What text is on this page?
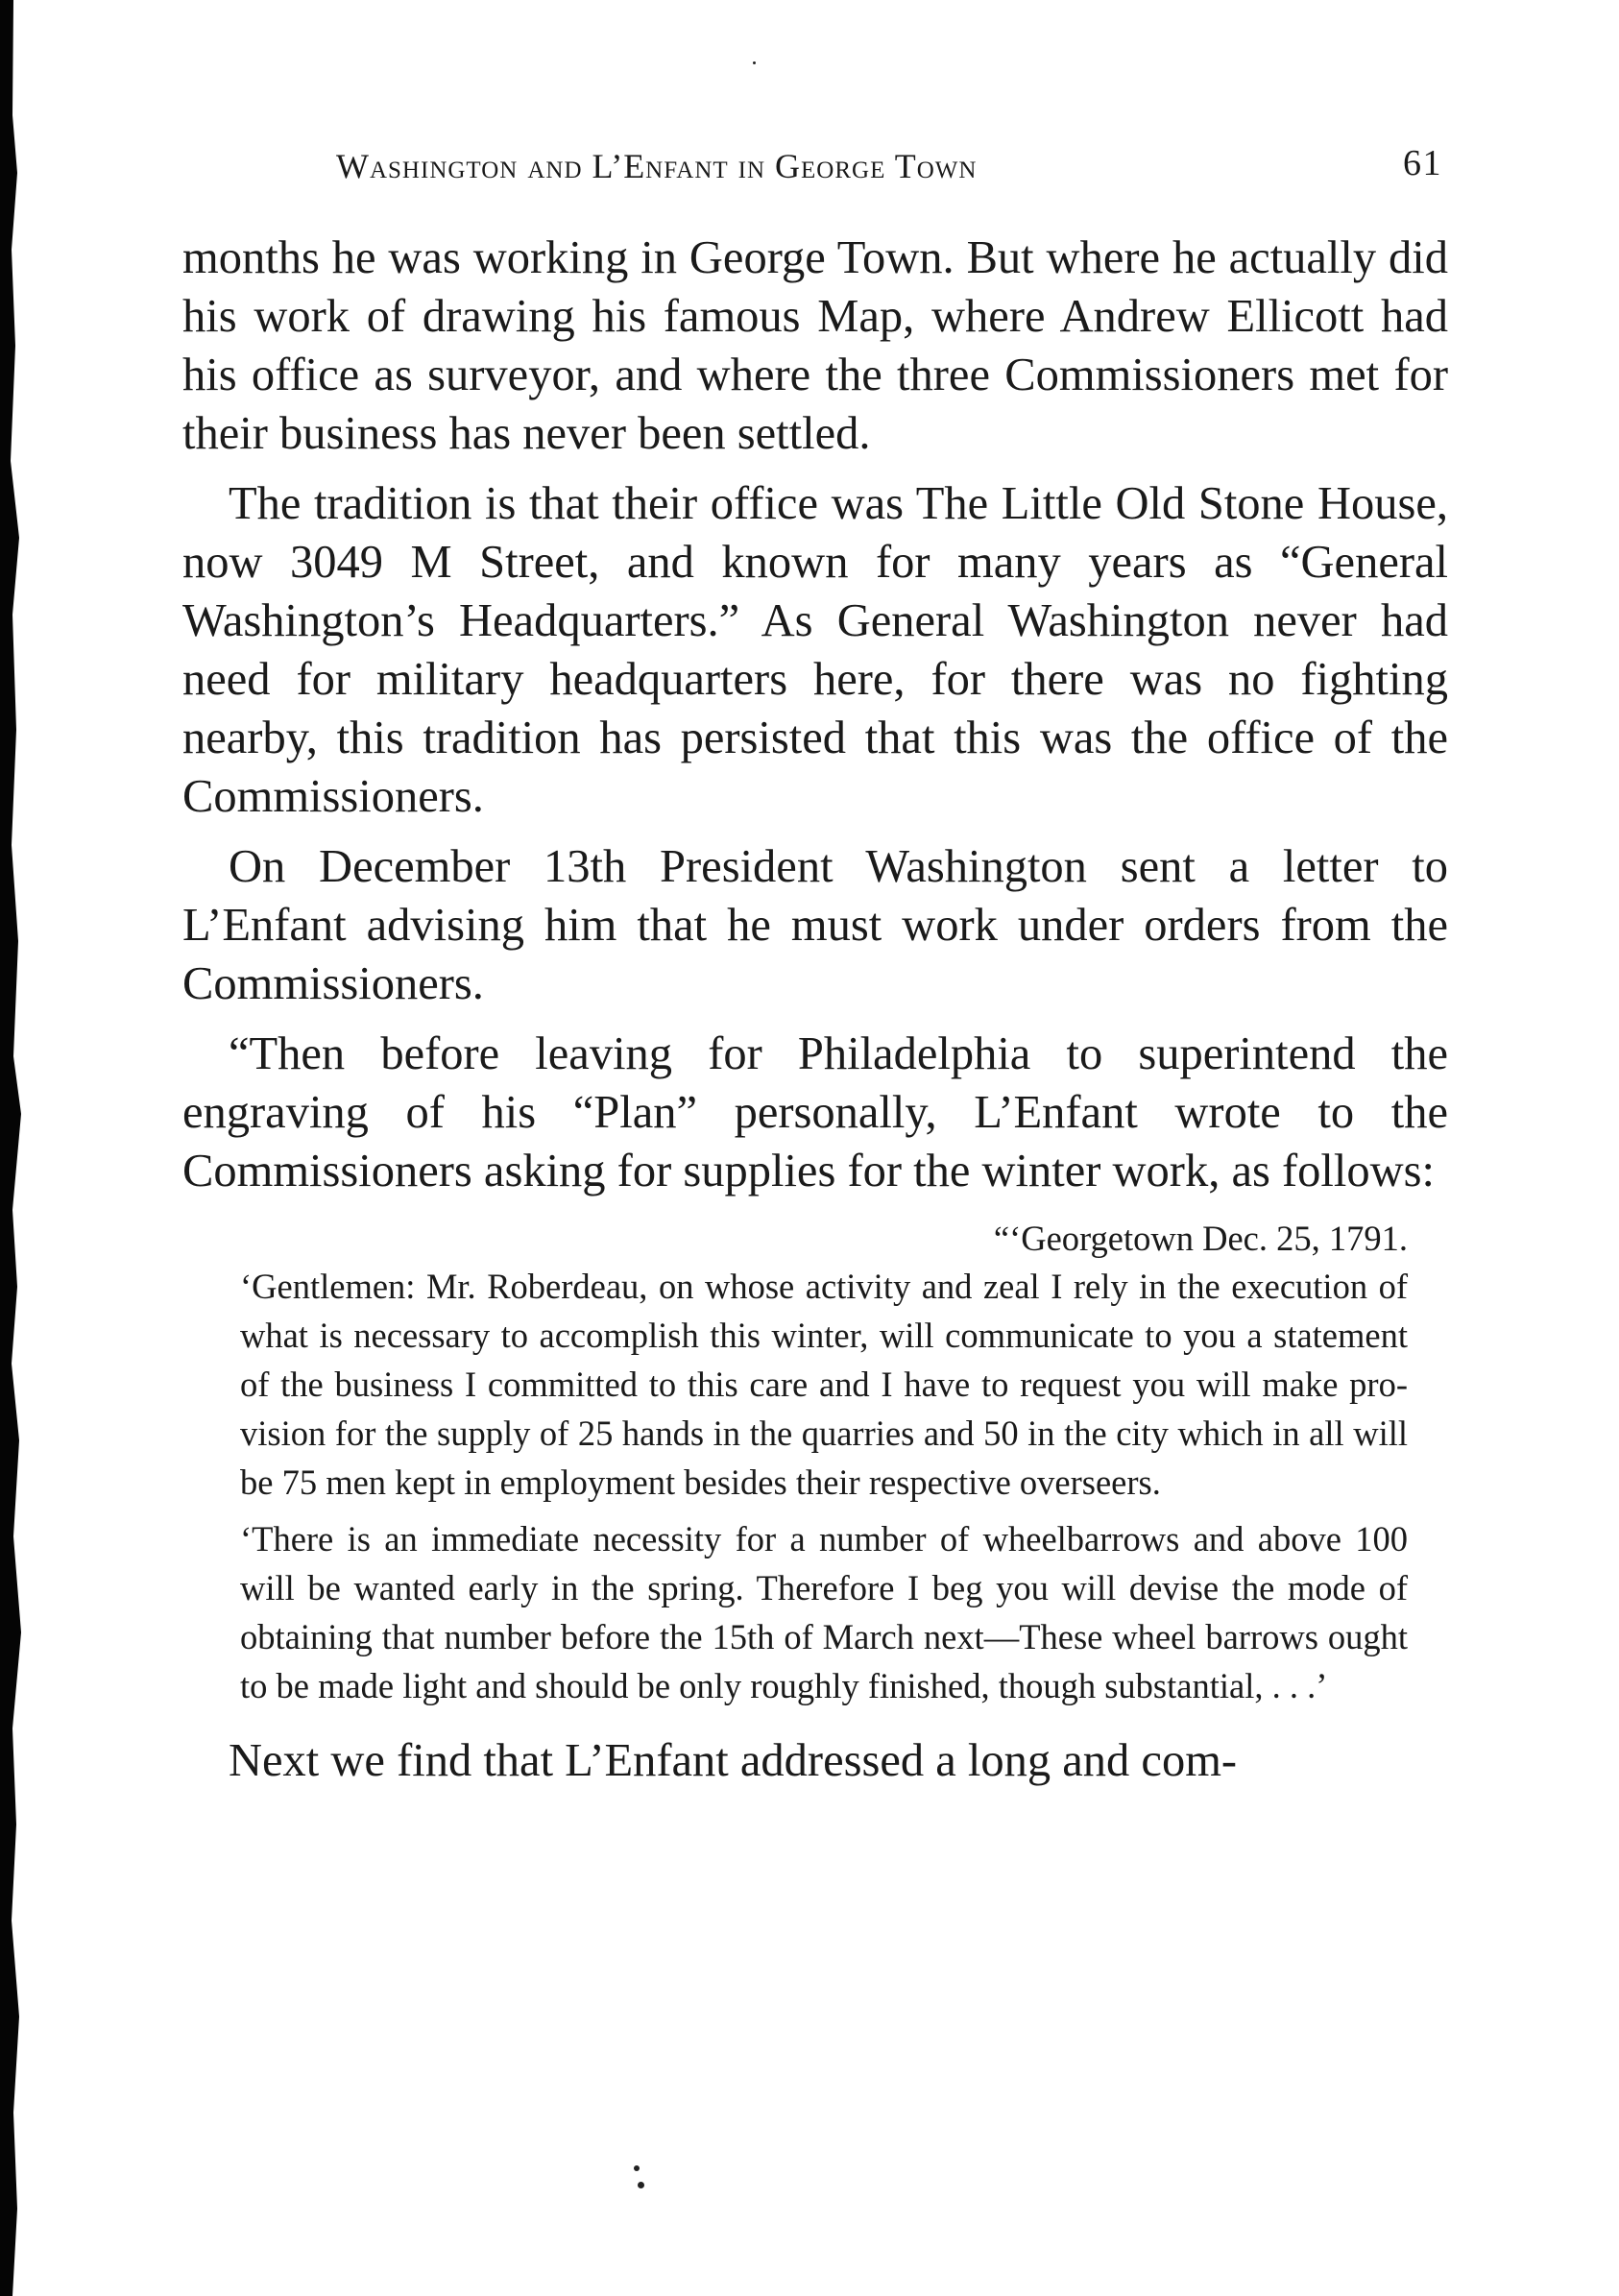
Washington and L’Enfant in George Town	61

months he was working in George Town. But where he actually did his work of drawing his famous Map, where Andrew Ellicott had his office as surveyor, and where the three Commissioners met for their business has never been settled.

The tradition is that their office was The Little Old Stone House, now 3049 M Street, and known for many years as “General Washington’s Headquarters.” As General Washington never had need for military headquarters here, for there was no fighting nearby, this tradition has persisted that this was the office of the Commissioners.

On December 13th President Washington sent a letter to L’Enfant advising him that he must work under orders from the Commissioners.

“Then before leaving for Philadelphia to superintend the engraving of his “Plan” personally, L’Enfant wrote to the Commissioners asking for supplies for the winter work, as follows:

“‘Georgetown Dec. 25, 1791.

‘Gentlemen: Mr. Roberdeau, on whose activity and zeal I rely in the execution of what is necessary to accomplish this winter, will communicate to you a statement of the business I committed to this care and I have to request you will make provision for the supply of 25 hands in the quarries and 50 in the city which in all will be 75 men kept in employment besides their respective overseers.

‘There is an immediate necessity for a number of wheelbarrows and above 100 will be wanted early in the spring. Therefore I beg you will devise the mode of obtaining that number before the 15th of March next—These wheel barrows ought to be made light and should be only roughly finished, though substantial, . . .’

Next we find that L’Enfant addressed a long and com-
